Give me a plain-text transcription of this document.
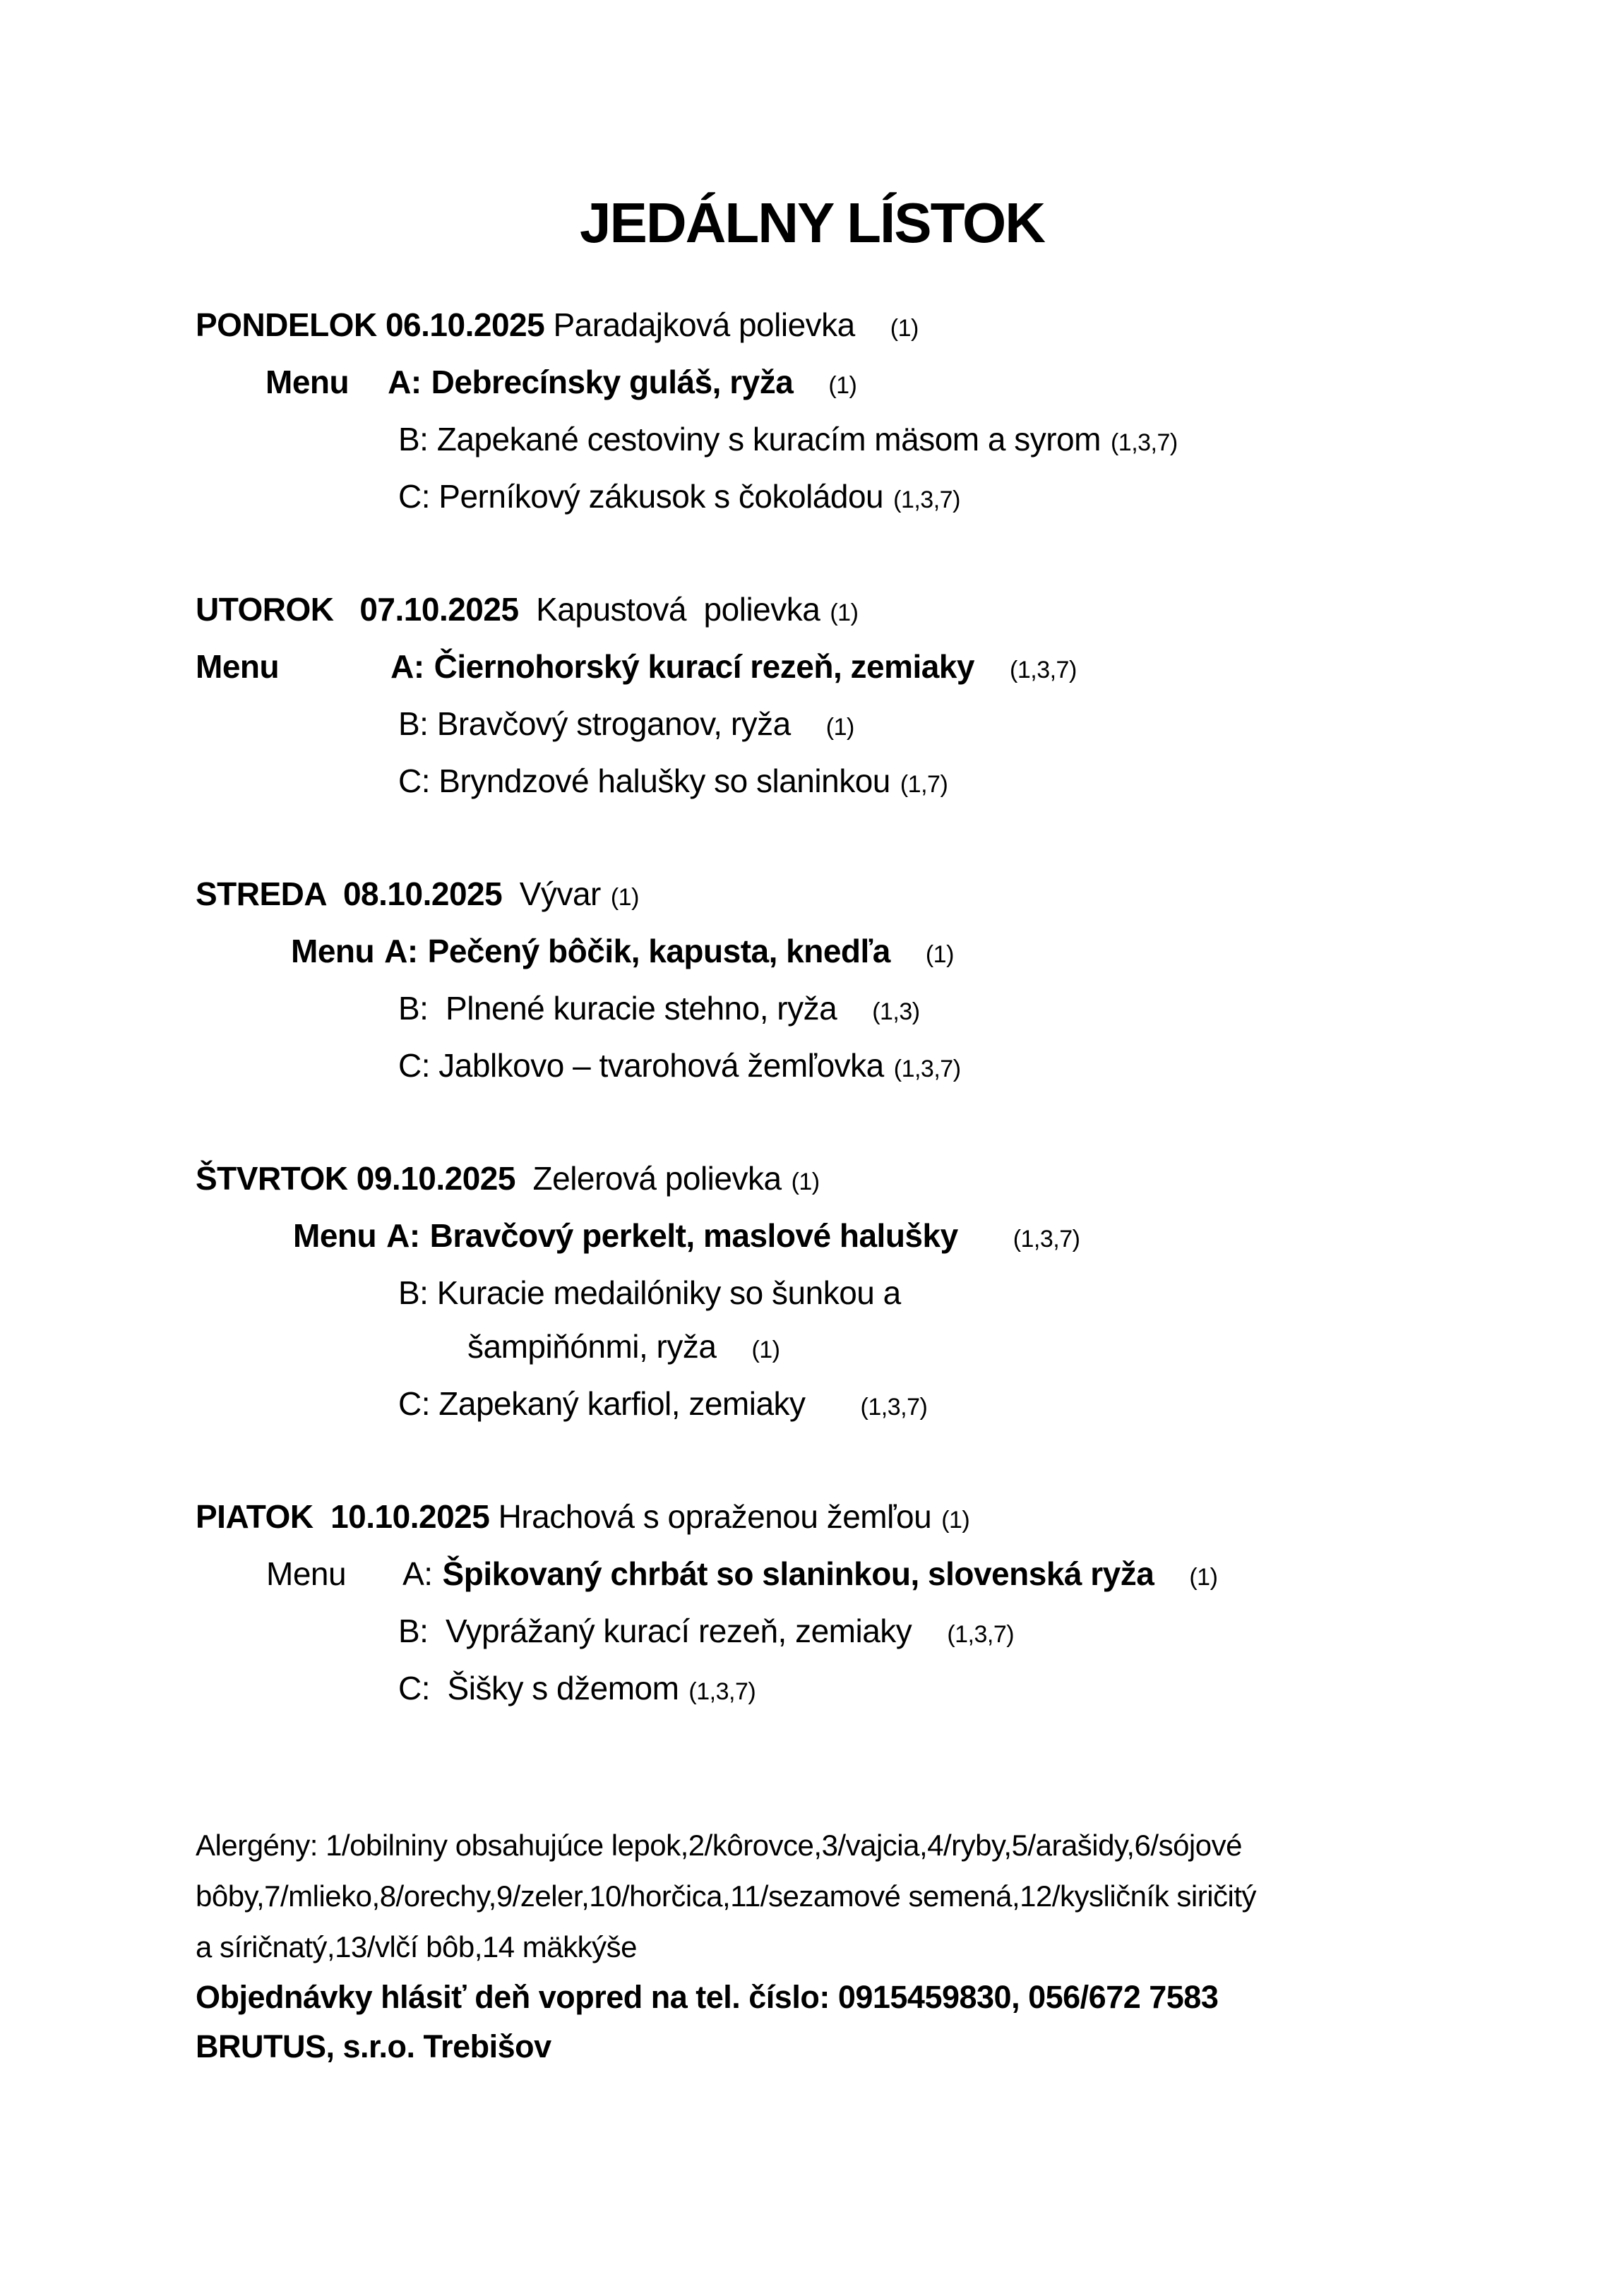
JEDÁLNY LÍSTOK
PONDELOK 06.10.2025 Paradajková polievka (1)
Menu A: Debrecínsky guláš, ryža (1)
B: Zapekané cestoviny s kuracím mäsom a syrom (1,3,7)
C: Perníkový zákusok s čokoládou (1,3,7)
UTOROK   07.10.2025  Kapustová  polievka (1)
Menu	A: Čiernohorský kurací rezeň, zemiaky (1,3,7)
B: Bravčový stroganov, ryža (1)
C: Bryndzové halušky so slaninkou (1,7)
STREDA  08.10.2025  Vývar (1)
Menu A: Pečený bôčik, kapusta, knedľa (1)
B:  Plnené kuracie stehno, ryža (1,3)
C: Jablkovo – tvarohová žemľovka (1,3,7)
ŠTVRTOK 09.10.2025  Zelerová polievka (1)
Menu A: Bravčový perkelt, maslové halušky (1,3,7)
B: Kuracie medailóniky so šunkou a
šampiňónmi, ryža (1)
C: Zapekaný karfiol, zemiaky (1,3,7)
PIATOK  10.10.2025 Hrachová s opraženou žemľou (1)
Menu A: Špikovaný chrbát so slaninkou, slovenská ryža (1)
B:  Vyprážaný kurací rezeň, zemiaky (1,3,7)
C:  Šišky s džemom (1,3,7)
Alergény: 1/obilniny obsahujúce lepok,2/kôrovce,3/vajcia,4/ryby,5/arašidy,6/sójové
bôby,7/mlieko,8/orechy,9/zeler,10/horčica,11/sezamové semená,12/kysličník siričitý
a síričnatý,13/vlčí bôb,14 mäkkýše
Objednávky hlásiť deň vopred na tel. číslo: 0915459830, 056/672 7583
BRUTUS, s.r.o. Trebišov
